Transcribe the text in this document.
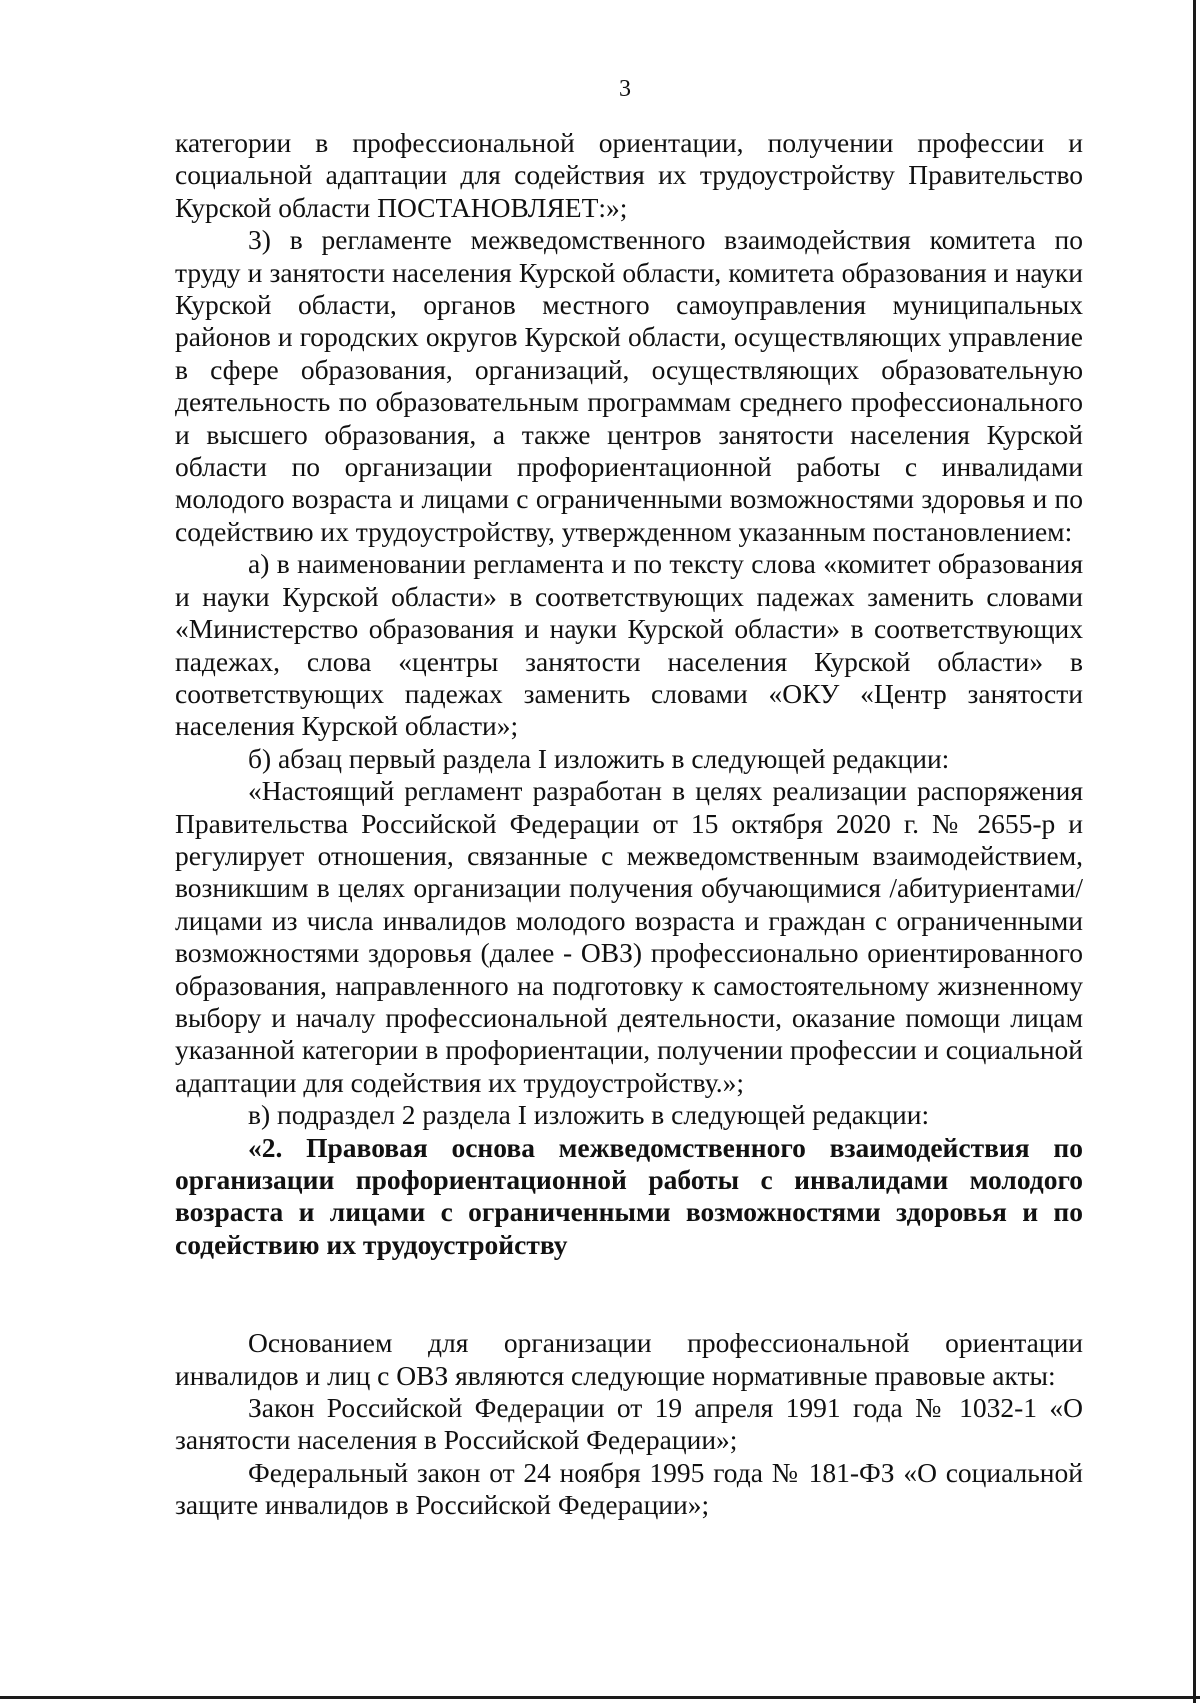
3

категории в профессиональной ориентации, получении профессии и социальной адаптации для содействия их трудоустройству Правительство Курской области ПОСТАНОВЛЯЕТ:»;

3) в регламенте межведомственного взаимодействия комитета по труду и занятости населения Курской области, комитета образования и науки Курской области, органов местного самоуправления муниципальных районов и городских округов Курской области, осуществляющих управление в сфере образования, организаций, осуществляющих образовательную деятельность по образовательным программам среднего профессионального и высшего образования, а также центров занятости населения Курской области по организации профориентационной работы с инвалидами молодого возраста и лицами с ограниченными возможностями здоровья и по содействию их трудоустройству, утвержденном указанным постановлением:

а) в наименовании регламента и по тексту слова «комитет образования и науки Курской области» в соответствующих падежах заменить словами «Министерство образования и науки Курской области» в соответствующих падежах, слова «центры занятости населения Курской области» в соответствующих падежах заменить словами «ОКУ «Центр занятости населения Курской области»;

б) абзац первый раздела I изложить в следующей редакции:

«Настоящий регламент разработан в целях реализации распоряжения Правительства Российской Федерации от 15 октября 2020 г. № 2655-р и регулирует отношения, связанные с межведомственным взаимодействием, возникшим в целях организации получения обучающимися /абитуриентами/ лицами из числа инвалидов молодого возраста и граждан с ограниченными возможностями здоровья (далее - ОВЗ) профессионально ориентированного образования, направленного на подготовку к самостоятельному жизненному выбору и началу профессиональной деятельности, оказание помощи лицам указанной категории в профориентации, получении профессии и социальной адаптации для содействия их трудоустройству.»;

в) подраздел 2 раздела I изложить в следующей редакции:

«2. Правовая основа межведомственного взаимодействия по организации профориентационной работы с инвалидами молодого возраста и лицами с ограниченными возможностями здоровья и по содействию их трудоустройству

Основанием для организации профессиональной ориентации инвалидов и лиц с ОВЗ являются следующие нормативные правовые акты:

Закон Российской Федерации от 19 апреля 1991 года № 1032-1 «О занятости населения в Российской Федерации»;

Федеральный закон от 24 ноября 1995 года № 181-ФЗ «О социальной защите инвалидов в Российской Федерации»;
